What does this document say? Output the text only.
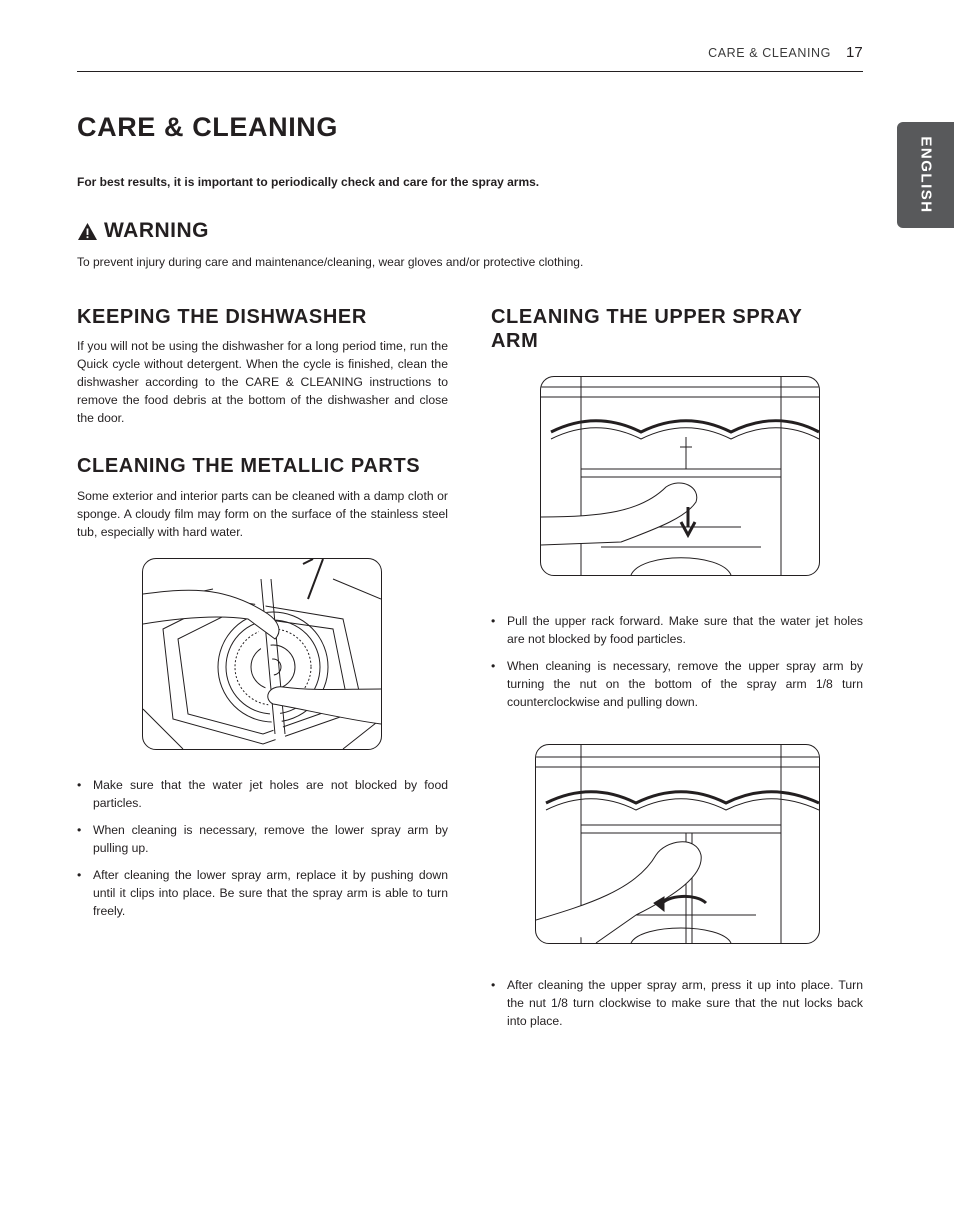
CARE & CLEANING 17
ENGLISH
CARE & CLEANING
For best results, it is important to periodically check and care for the spray arms.
WARNING
To prevent injury during care and maintenance/cleaning, wear gloves and/or protective clothing.
KEEPING THE DISHWASHER

If you will not be using the dishwasher for a long period time, run the Quick cycle without detergent. When the cycle is finished, clean the dishwasher according to the CARE & CLEANING instructions to remove the food debris at the bottom of the dishwasher and close the door.

CLEANING THE METALLIC PARTS

Some exterior and interior parts can be cleaned with a damp cloth or sponge. A cloudy film may form on the surface of the stainless steel tub, especially with hard water.

• Make sure that the water jet holes are not blocked by food particles.
• When cleaning is necessary, remove the lower spray arm by pulling up.
• After cleaning the lower spray arm, replace it by pushing down until it clips into place. Be sure that the spray arm is able to turn freely.
CLEANING THE UPPER SPRAY
ARM
• Pull the upper rack forward. Make sure that the water jet holes are not blocked by food particles.
• When cleaning is necessary, remove the upper spray arm by turning the nut on the bottom of the spray arm 1/8 turn counterclockwise and pulling down.
• After cleaning the upper spray arm, press it up into place. Turn the nut 1/8 turn clockwise to make sure that the nut locks back into place.
